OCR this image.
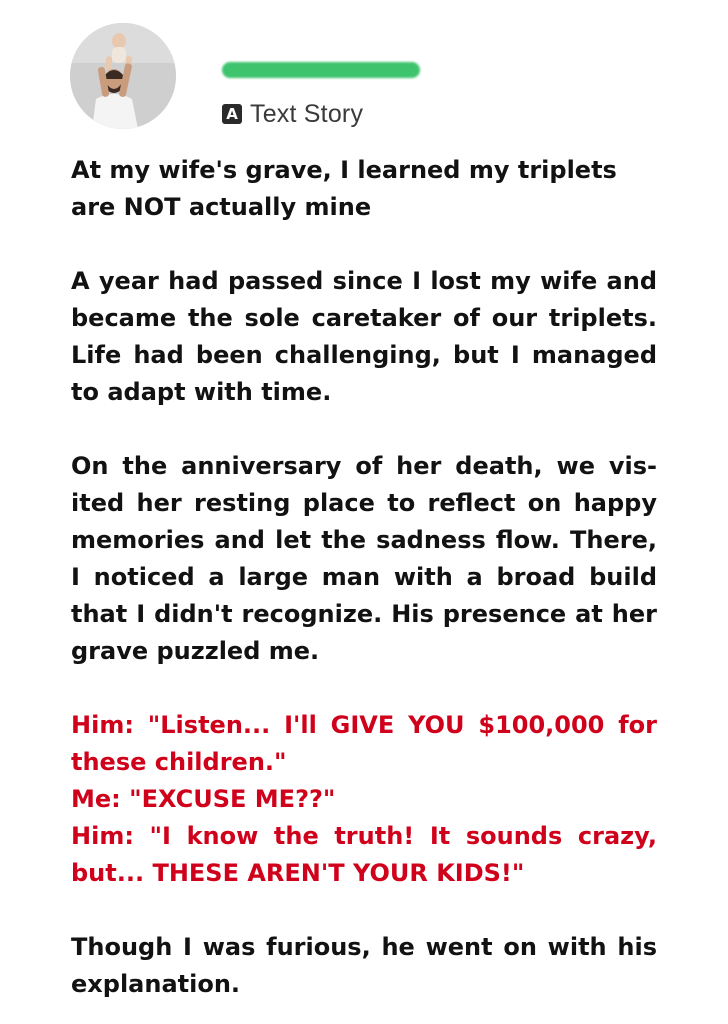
A Text Story

At my wife's grave, I learned my triplets are NOT actually mine

A year had passed since I lost my wife and became the sole caretaker of our triplets. Life had been challenging, but I managed to adapt with time.

On the anniversary of her death, we vis-ited her resting place to reflect on happy memories and let the sadness flow. There, I noticed a large man with a broad build that I didn't recognize. His presence at her grave puzzled me.

Him: "Listen... I'll GIVE YOU $100,000 for these children."
Me: "EXCUSE ME??"
Him: "I know the truth! It sounds crazy, but... THESE AREN'T YOUR KIDS!"

Though I was furious, he went on with his explanation.
